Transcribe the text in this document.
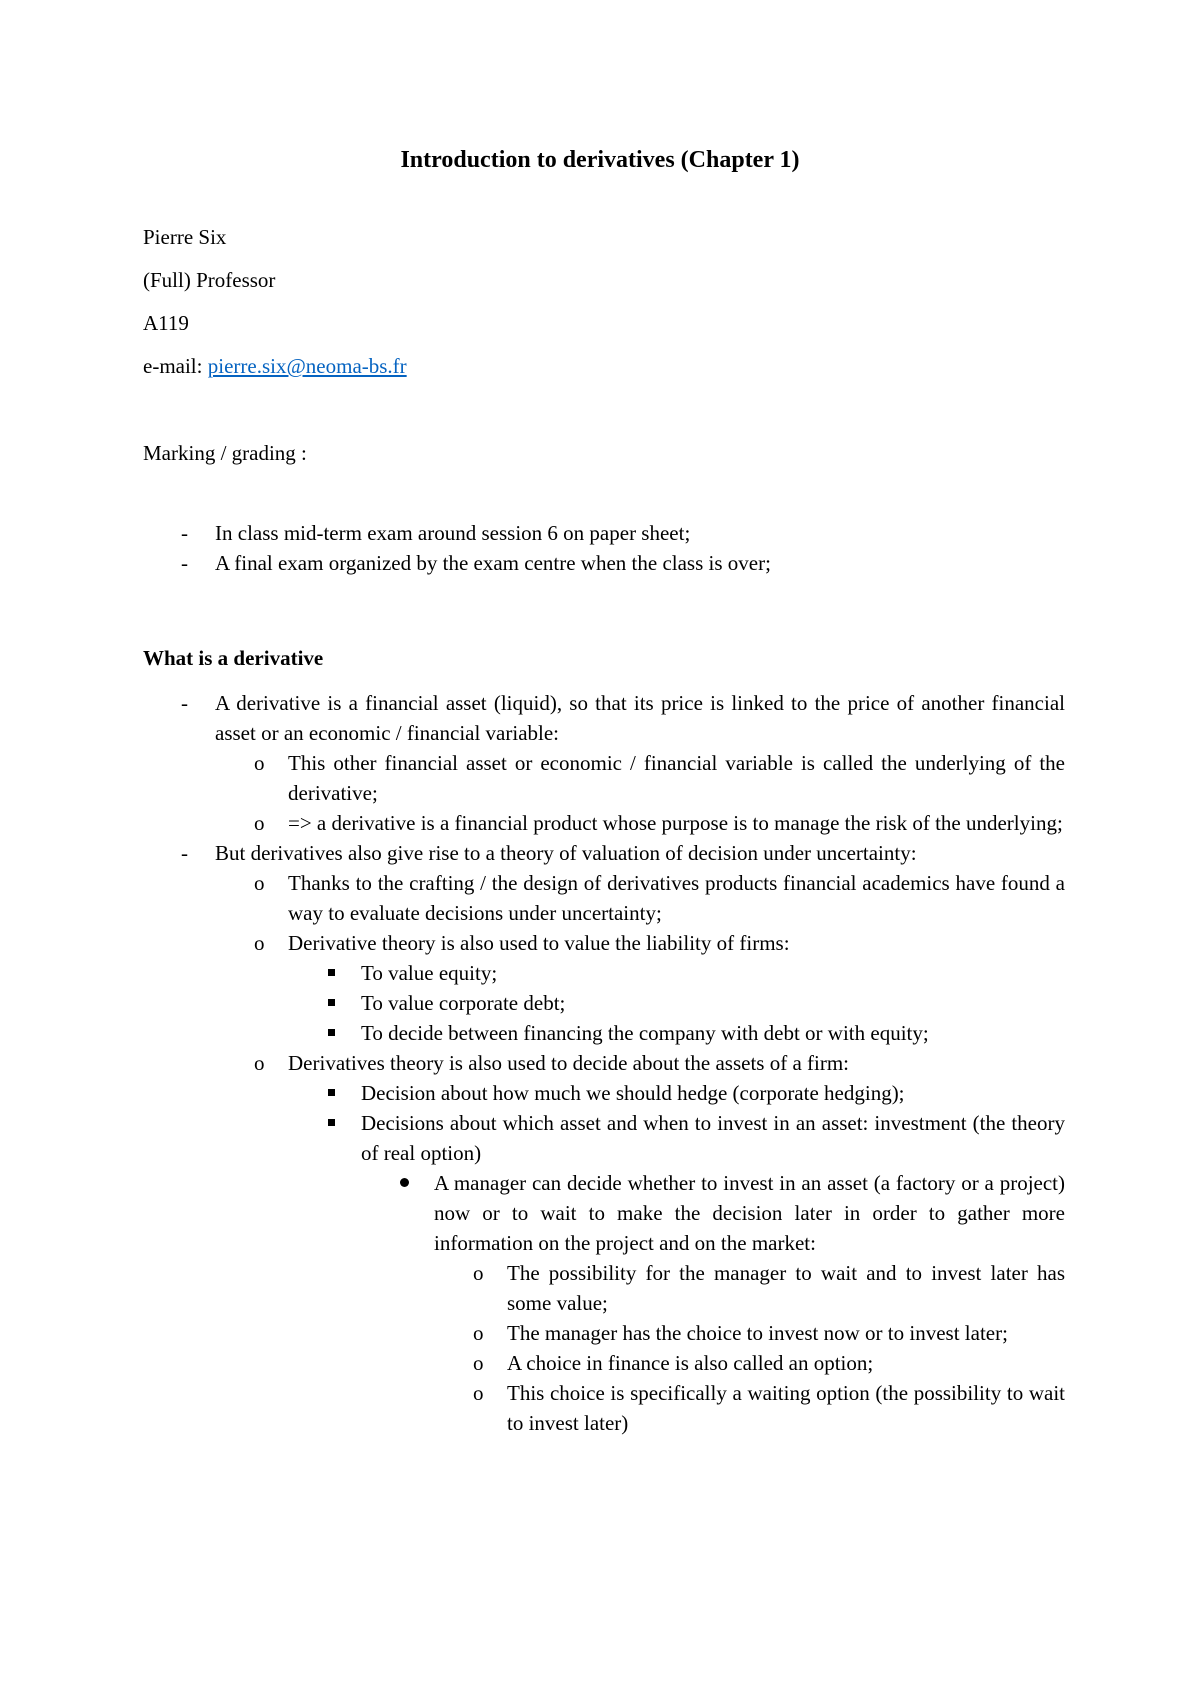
Introduction to derivatives (Chapter 1)

Pierre Six

(Full) Professor

A119

e-mail: pierre.six@neoma-bs.fr

Marking / grading :

- In class mid-term exam around session 6 on paper sheet;
- A final exam organized by the exam centre when the class is over;

What is a derivative

- A derivative is a financial asset (liquid), so that its price is linked to the price of another financial asset or an economic / financial variable:
o This other financial asset or economic / financial variable is called the underlying of the derivative;
o => a derivative is a financial product whose purpose is to manage the risk of the underlying;
- But derivatives also give rise to a theory of valuation of decision under uncertainty:
o Thanks to the crafting / the design of derivatives products financial academics have found a way to evaluate decisions under uncertainty;
o Derivative theory is also used to value the liability of firms:
To value equity;
To value corporate debt;
To decide between financing the company with debt or with equity;
o Derivatives theory is also used to decide about the assets of a firm:
Decision about how much we should hedge (corporate hedging);
Decisions about which asset and when to invest in an asset: investment (the theory of real option)
A manager can decide whether to invest in an asset (a factory or a project) now or to wait to make the decision later in order to gather more information on the project and on the market:
o The possibility for the manager to wait and to invest later has some value;
o The manager has the choice to invest now or to invest later;
o A choice in finance is also called an option;
o This choice is specifically a waiting option (the possibility to wait to invest later)
